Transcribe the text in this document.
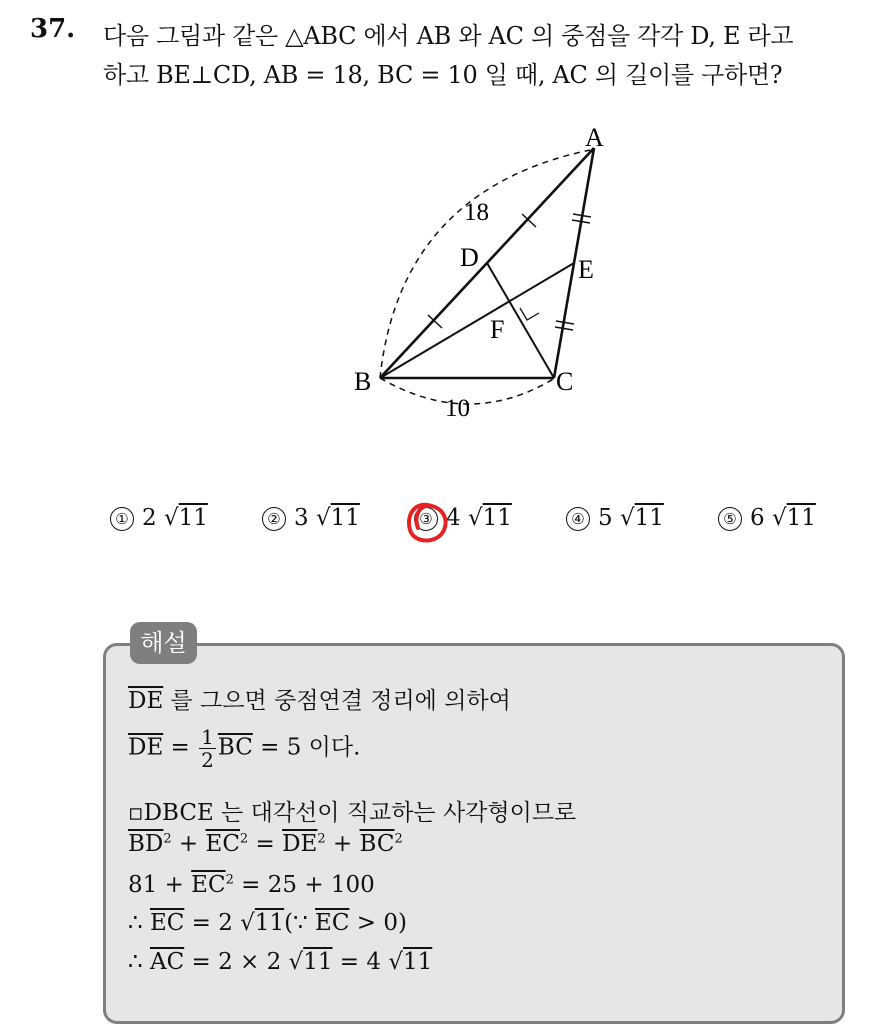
37. 다음 그림과 같은 △ABC 에서 AB 와 AC 의 중점을 각각 D, E 라고
하고 BE⊥CD, AB = 18, BC = 10 일 때, AC 의 길이를 구하면?
A
B	C
D	E
F
18
10
① 2 √11	② 3 √11	③ 4 √11	④ 5 √11	⑤ 6 √11
해설
$\overline{DE}$ 를 그으면 중점연결 정리에 의하여
$\overline{DE} = \frac{1}{2} \overline{BC} = 5$ 이다.
▫DBCE 는 대각선이 직교하는 사각형이므로
$\overline{BD}^2 + \overline{EC}^2 = \overline{DE}^2 + \overline{BC}^2$
$81 + \overline{EC}^2 = 25 + 100$
∴ $\overline{EC} = 2$ √11(∵ $\overline{EC} > 0$)
∴ $\overline{AC} = 2 \times 2$ √11 = 4 √11
